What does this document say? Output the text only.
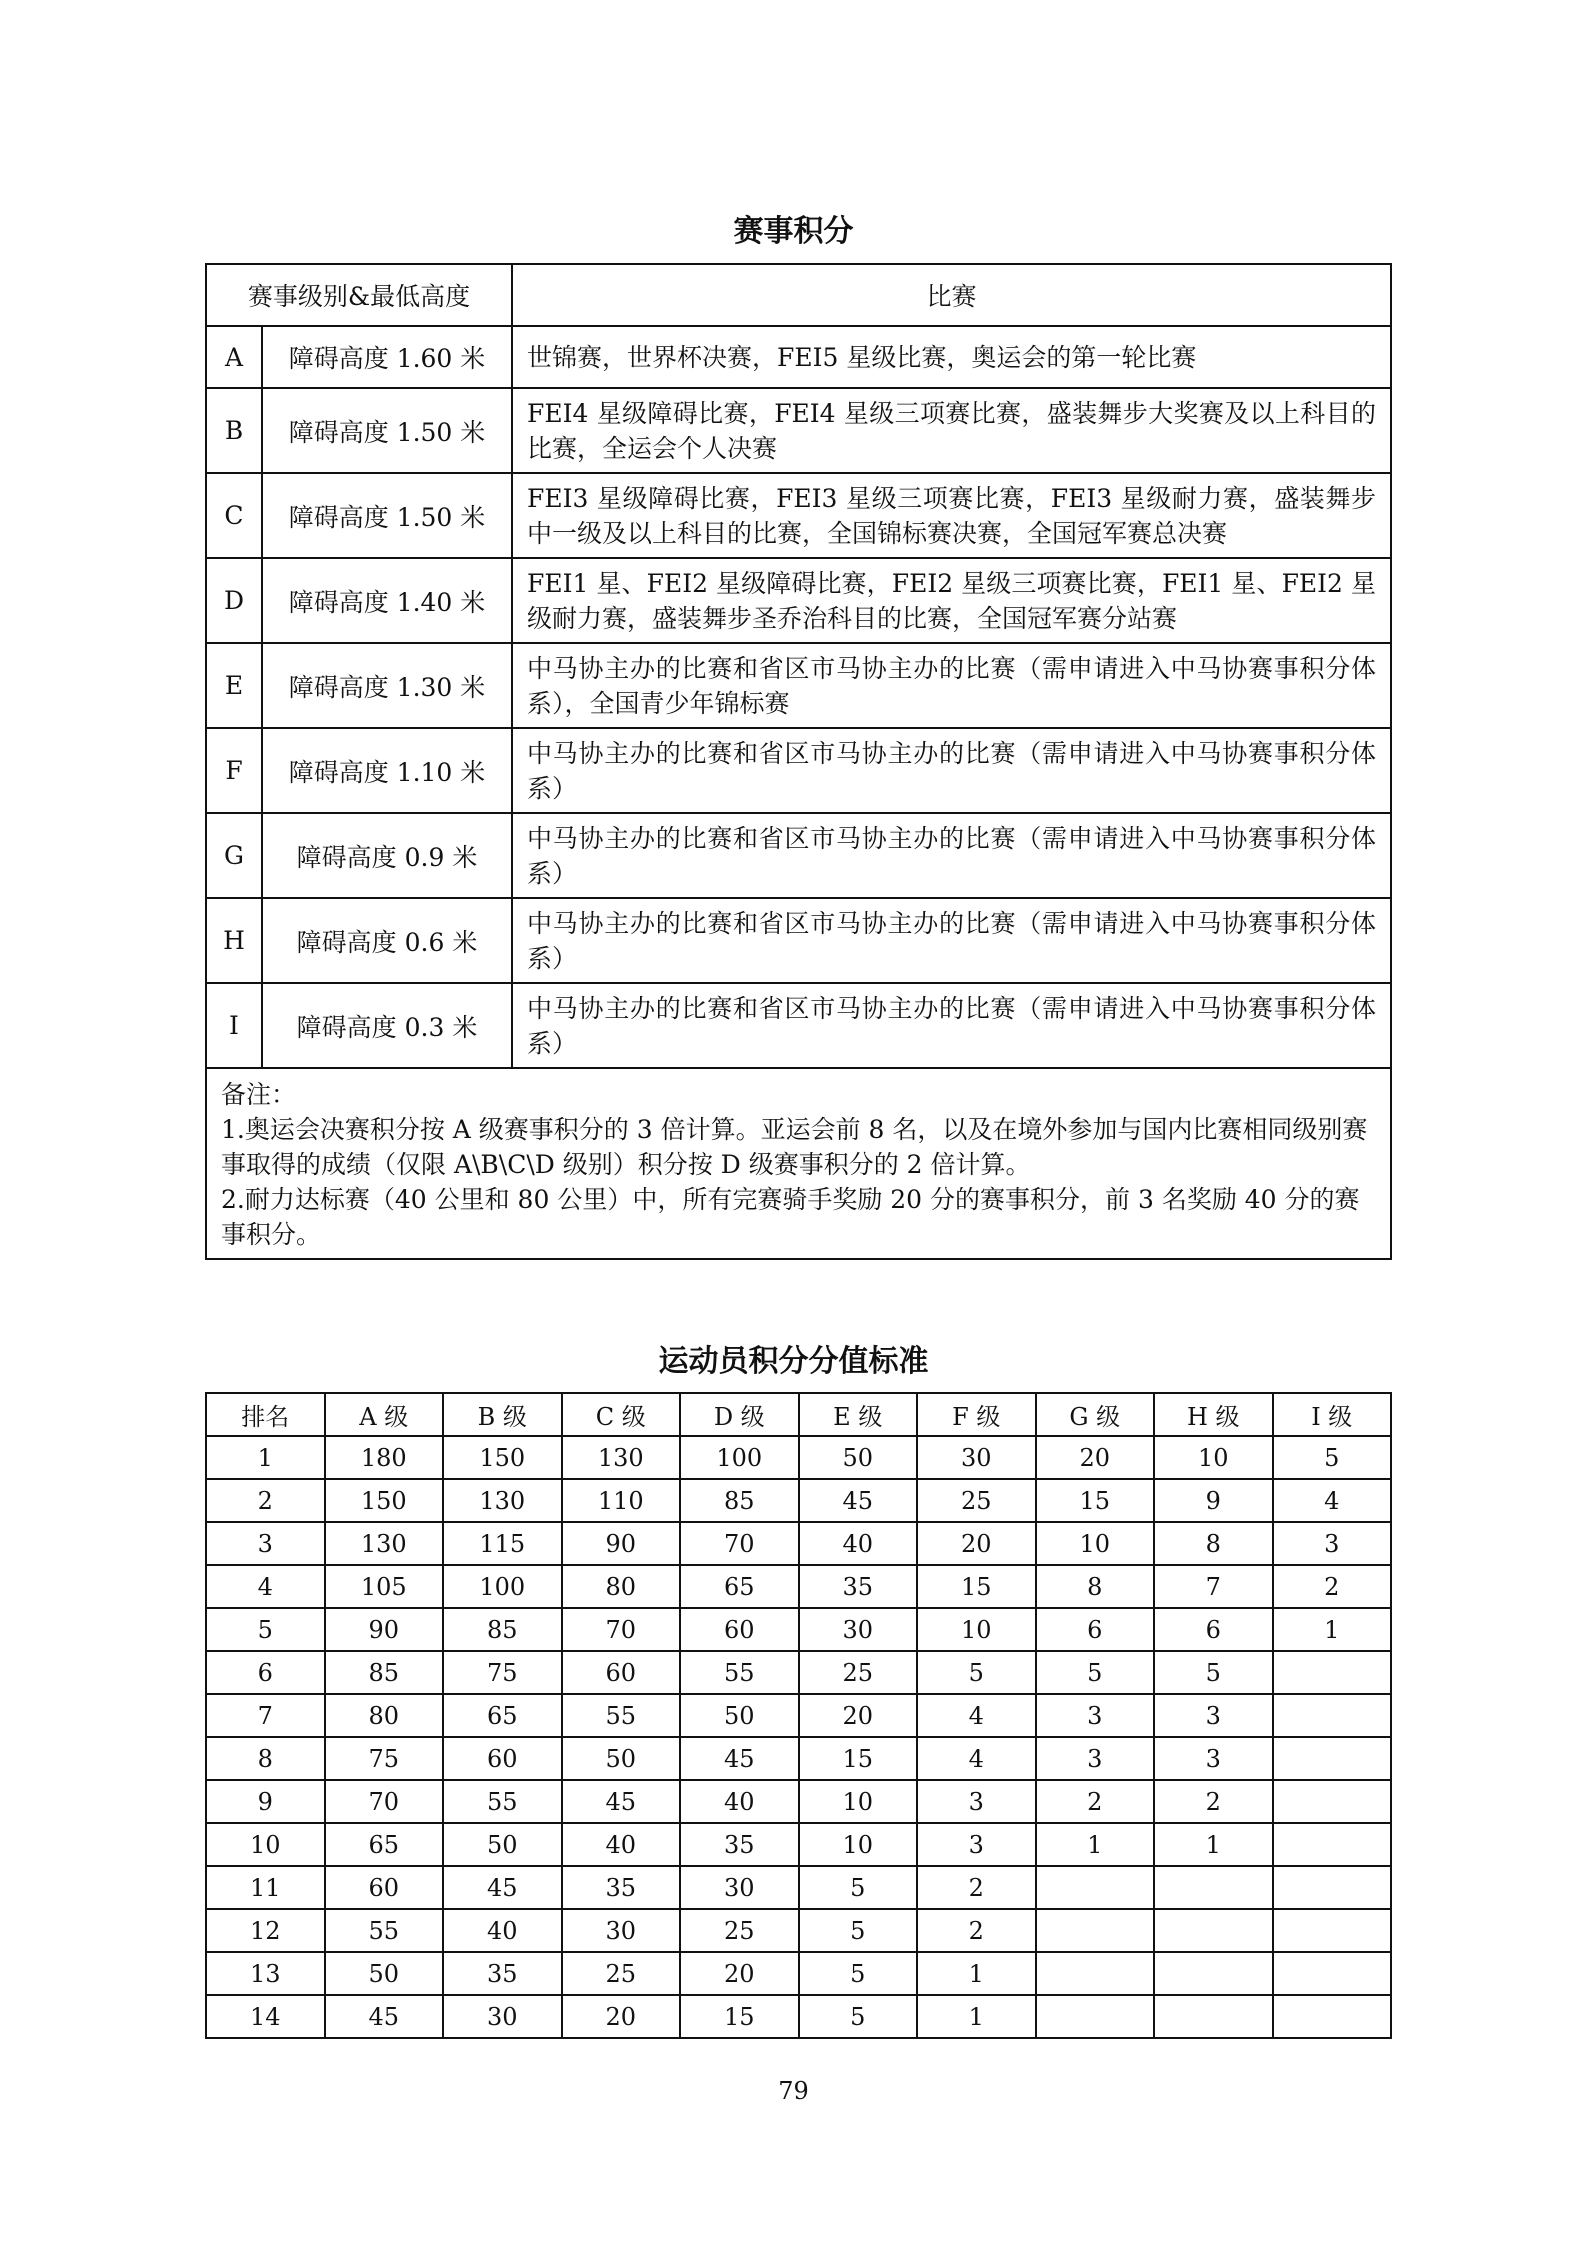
赛事积分
赛事级别&最低高度		比赛
A	障碍高度 1.60 米	世锦赛，世界杯决赛，FEI5 星级比赛，奥运会的第一轮比赛
B	障碍高度 1.50 米	FEI4 星级障碍比赛，FEI4 星级三项赛比赛，盛装舞步大奖赛及以上科目的比赛，全运会个人决赛
C	障碍高度 1.50 米	FEI3 星级障碍比赛，FEI3 星级三项赛比赛，FEI3 星级耐力赛，盛装舞步中一级及以上科目的比赛，全国锦标赛决赛，全国冠军赛总决赛
D	障碍高度 1.40 米	FEI1 星、FEI2 星级障碍比赛，FEI2 星级三项赛比赛，FEI1 星、FEI2 星级耐力赛，盛装舞步圣乔治科目的比赛，全国冠军赛分站赛
E	障碍高度 1.30 米	中马协主办的比赛和省区市马协主办的比赛（需申请进入中马协赛事积分体系），全国青少年锦标赛
F	障碍高度 1.10 米	中马协主办的比赛和省区市马协主办的比赛（需申请进入中马协赛事积分体系）
G	障碍高度 0.9 米	中马协主办的比赛和省区市马协主办的比赛（需申请进入中马协赛事积分体系）
H	障碍高度 0.6 米	中马协主办的比赛和省区市马协主办的比赛（需申请进入中马协赛事积分体系）
I	障碍高度 0.3 米	中马协主办的比赛和省区市马协主办的比赛（需申请进入中马协赛事积分体系）

备注：
1.奥运会决赛积分按 A 级赛事积分的 3 倍计算。亚运会前 8 名，以及在境外参加与国内比赛相同级别赛事取得的成绩（仅限 A\B\C\D 级别）积分按 D 级赛事积分的 2 倍计算。
2.耐力达标赛（40 公里和 80 公里）中，所有完赛骑手奖励 20 分的赛事积分，前 3 名奖励 40 分的赛事积分。		
运动员积分分值标准
排名	A 级	B 级	C 级	D 级	E 级	F 级	G 级	H 级	I 级
1	180	150	130	100	50	30	20	10	5
2	150	130	110	85	45	25	15	9	4
3	130	115	90	70	40	20	10	8	3
4	105	100	80	65	35	15	8	7	2
5	90	85	70	60	30	10	6	6	1
6	85	75	60	55	25	5	5	5	
7	80	65	55	50	20	4	3	3	
8	75	60	50	45	15	4	3	3	
9	70	55	45	40	10	3	2	2	
10	65	50	40	35	10	3	1	1	
11	60	45	35	30	5	2			
12	55	40	30	25	5	2			
13	50	35	25	20	5	1			
14	45	30	20	15	5	1			
79
